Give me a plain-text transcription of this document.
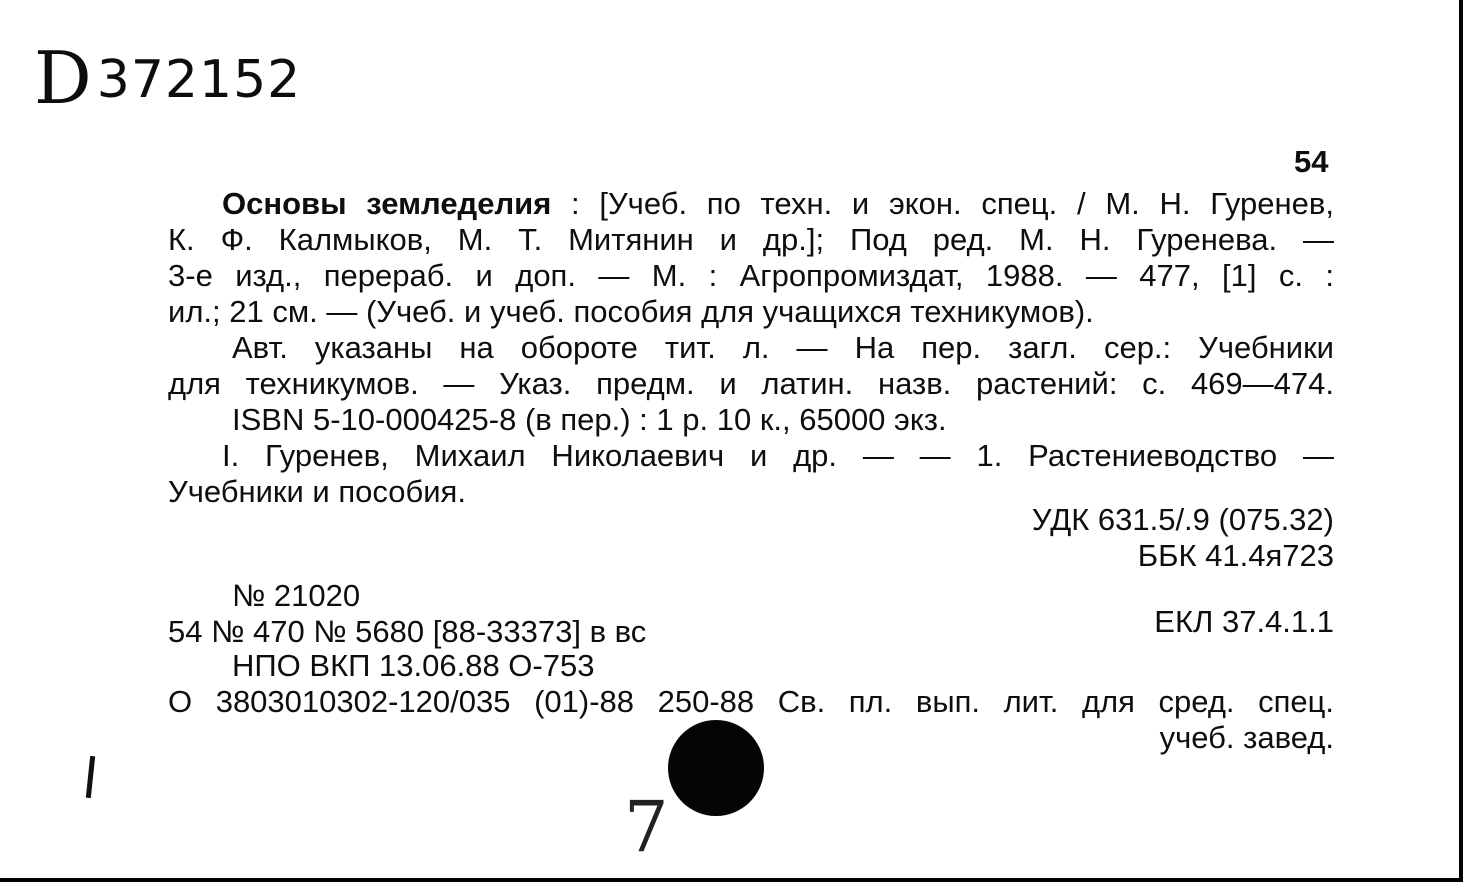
D372152
54
Основы земледелия : [Учеб. по техн. и экон. спец. / М. Н. Гуренев,
К. Ф. Калмыков, М. Т. Митянин и др.]; Под ред. М. Н. Гуренева. —
3-е изд., перераб. и доп. — М. : Агропромиздат, 1988. — 477, [1] с. :
ил.; 21 см. — (Учеб. и учеб. пособия для учащихся техникумов).
Авт. указаны на обороте тит. л. — На пер. загл. сер.: Учебники
для техникумов. — Указ. предм. и латин. назв. растений: с. 469—474.
ISBN 5-10-000425-8 (в пер.) : 1 р. 10 к., 65000 экз.
I. Гуренев, Михаил Николаевич и др. — — 1. Растениеводство —
Учебники и пособия.
УДК 631.5/.9 (075.32)
ББК 41.4я723
№ 21020
54 № 470 № 5680 [88-33373] в вс	ЕКЛ 37.4.1.1
НПО ВКП 13.06.88 О-753
О 3803010302-120/035 (01)-88 250-88 Св. пл. вып. лит. для сред. спец.
учеб. завед.
7
